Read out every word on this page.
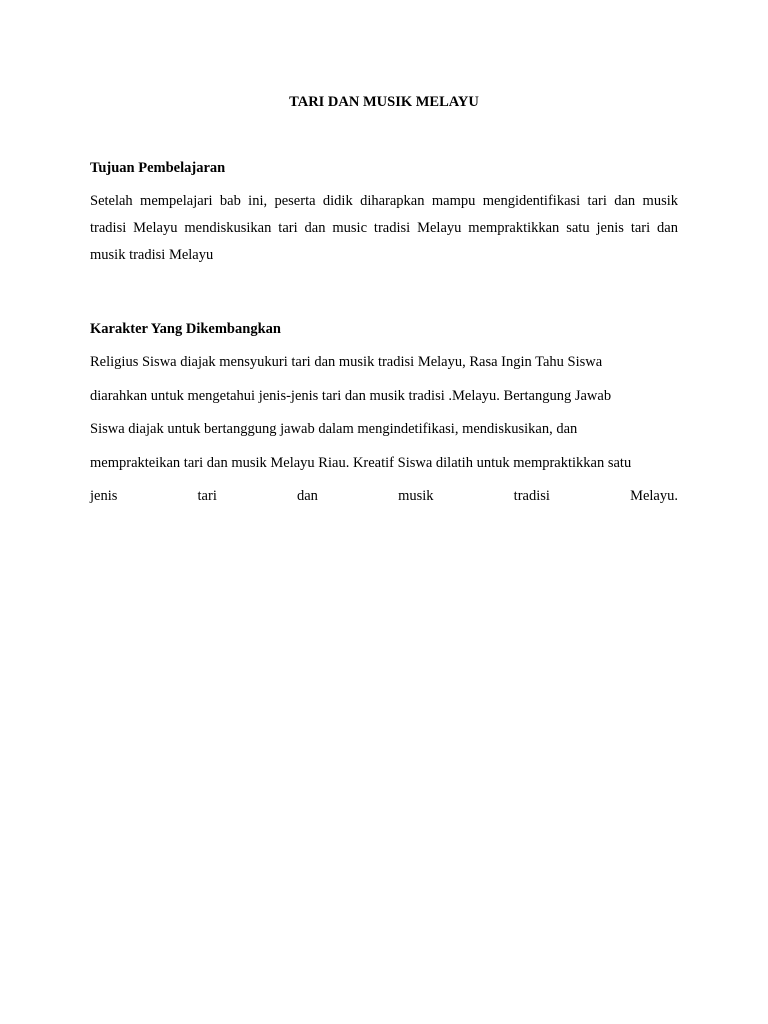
TARI DAN MUSIK MELAYU
Tujuan Pembelajaran

Setelah mempelajari bab ini, peserta didik diharapkan mampu mengidentifikasi tari dan musik

tradisi Melayu mendiskusikan tari dan music tradisi Melayu mempraktikkan satu jenis tari dan

musik tradisi Melayu

Karakter Yang Dikembangkan

Religius Siswa diajak mensyukuri tari dan musik tradisi Melayu, Rasa Ingin Tahu Siswa

diarahkan untuk mengetahui jenis-jenis tari dan musik tradisi .Melayu. Bertangung Jawab

Siswa diajak untuk bertanggung jawab dalam mengindetifikasi, mendiskusikan, dan

memprakteikan tari dan musik Melayu Riau. Kreatif Siswa dilatih untuk mempraktikkan satu

jenis tari dan musik tradisi Melayu.
